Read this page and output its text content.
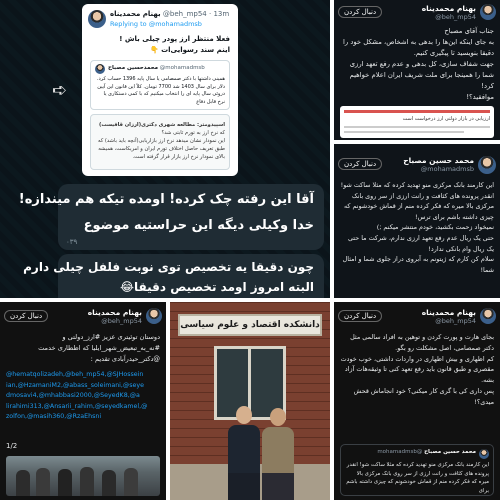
بهنام محمدیناه @beh_mp54 · 13m
Replying to @mohamadmsb
فعلا منتظر ارز پودر چیلی باش !
اینم سند رسوایی‌ات 👇
محمدحسین مصباح @mohamadmsb
همینی داشتها با دکتر صمصامی یا سال پایه 1396 حساب کرد. دلار برای سال 1403 شد 7700 تومان. کلاً این قانون این آیین دروئی سال پایه ای را انتخاب میکنیم که با کمی دستکاری یا نرخ قابل دفاع
اسپیدومتر: مطالعه شهری دکتری(ارزان قافیست)
که نرخ ارز به تورم ثابتی شد؟
این نمودار نشان میدهد نرخ ارز بازاریابی(آنچه باید باشد) که طبق تعریف حاصل اختلاف تورم ایران و امریکاست، همیشه بالای نمودار نرخ ارز بازار قرار گرفته است.
➪
آقا این رفته چک کرده! اومده تیکه هم میندازه!
خدا وکیلی دیگه این حراستیه موضوع
۰۳۹
چون دقیقا یه تخصیص توی نوبت فلفل چیلی دارم
البته امروز اومد تخصیص دقیقا😂
دنبال کردن	بهنام محمدیناه
@beh_mp54
جناب آقای مصباح
به جای اینکه این‌ها را بدهی به اشخاص، مشکل خود را دقیقا بنویسید تا پیگیری کنیم.
جهت شفاف سازی، کل بدهی و عدم رفع تعهد ارزی شما را همینجا برای ملت شریف ایران اعلام خواهیم کرد!
موافقید؟!
ارزیابی در بازار دولتی ارز درخواست است
دنبال کردن	محمد حسین مصباح
@mohamadmsb
این کارمند بانک مرکزی منو تهدید کرده که مثلا ساکت شو!
انقدر پرونده های کثافت و رانت ارزی از سر روی بانک مرکزی بالا میره که فکر کرده منم از قماش خودشونم که چیزی داشته باشم برای ترس!
نمیخواد زحمت بکشید، خودم منتشر میکنم ;)
حتی یک ریال عدم رفع تعهد ارزی ندارم، شرکت ما حتی یک ریال وام بانکی ندارد!
سلام کن کارم که ژیتونم به آبروی دراز جلوی شما و امثال شما!
دنبال کردن	بهنام محمدیناه
@beh_mp54
دوستان توئیتری عزیز #ارز_دولتی و #نه_به_تبعیض_شهر_ایلیا که اظطاری خدمت @دکتر_حیدرآبادی تقدیم :
@hematqolizadeh,@beh_mp54,@SJHossein
ian,@HzamaniM2,@abass_soleimani,@seye
dmosavi4,@mhabbasi2000,@SeyedK8,@a
lirahimi313,@Ansarii_rahim,@seyedkamel,@
zolfon,@masih360,@RzaEhsni
1/2
دانشکده اقتصاد و علوم سیاسی
دنبال کردن	بهنام محمدیناه
@beh_mp54
بجای هارت و پورت کردن و توهین به افراد سالمی مثل دکتر صمصامی، اصل مشکلت رو بگو.
کم اظهاری و بیش اظهاری در واردات داشتی، خوب خودت مقصری و طبق قانون باید رفع تعهد کنی تا وثیقه‌هات آزاد بشه.
پس داری کی با گری کار میکنی؟ خود انجاماش قحش میدی؟!
محمد حسین مصباح @mohamadmsb
این کارمند بانک مرکزی منو تهدید کرده که مثلا ساکت شو! انقدر پرونده های کثافت و رانت ارزی از سر روی بانک مرکزی بالا میره که فکر کرده منم از قماش خودشونم که چیزی داشته باشم برای
